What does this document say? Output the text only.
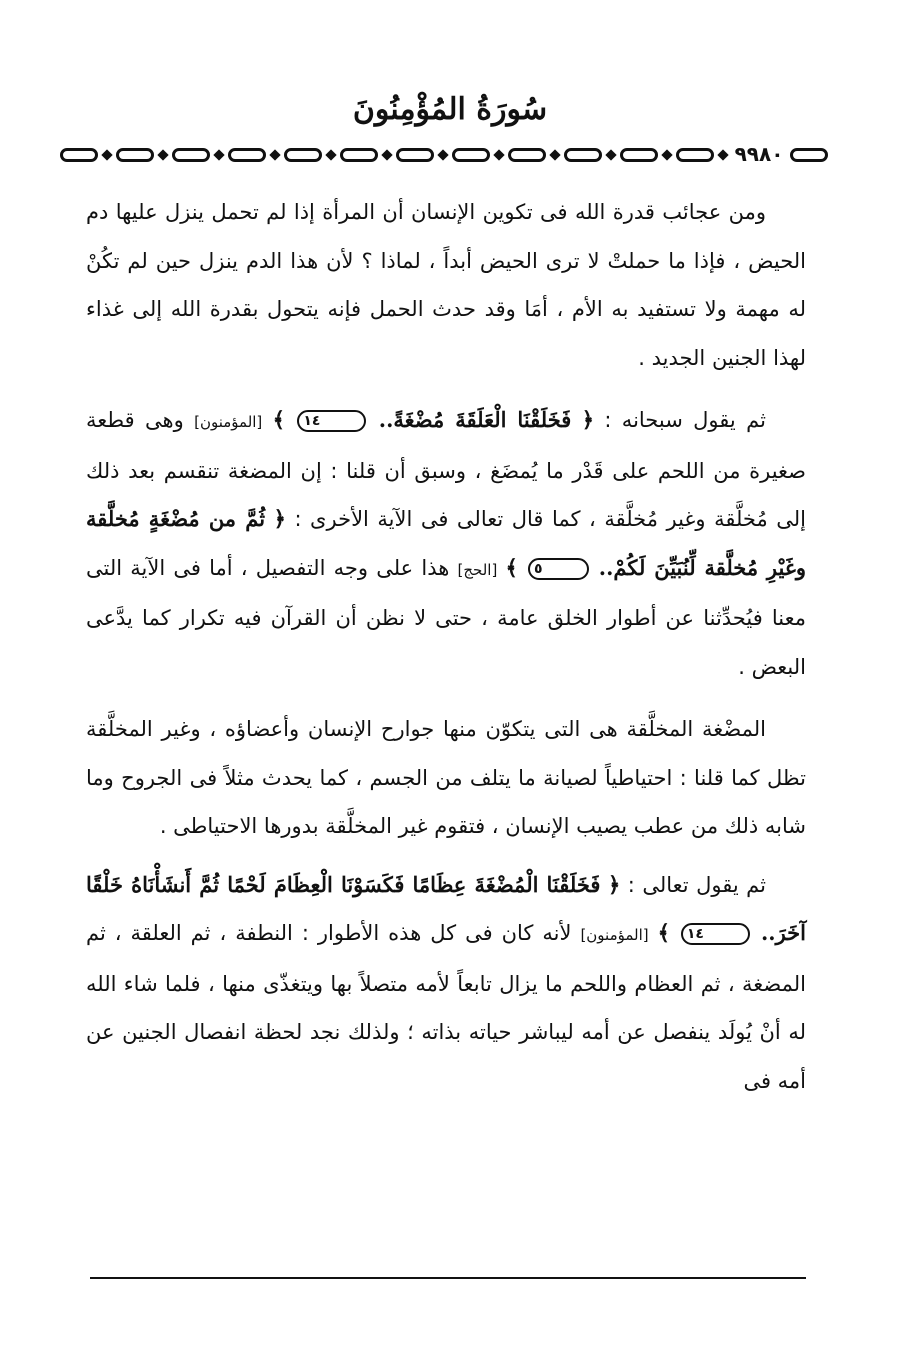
سُورَةُ المُؤْمِنُونَ
٩٩٨٠

ومن عجائب قدرة الله فى تكوين الإنسان أن المرأة إذا لم تحمل ينزل عليها دم الحيض ، فإذا ما حملتْ لا ترى الحيض أبداً ، لماذا ؟ لأن هذا الدم ينزل حين لم تكُنْ له مهمة ولا تستفيد به الأم ، أمَا وقد حدث الحمل فإنه يتحول بقدرة الله إلى غذاء لهذا الجنين الجديد .

ثم يقول سبحانه : ﴿ فَخَلَقْنَا الْعَلَقَةَ مُضْغَةً.. ١٤ ﴾ [المؤمنون] وهى قطعة صغيرة من اللحم على قَدْر ما يُمضَغ ، وسبق أن قلنا : إن المضغة تنقسم بعد ذلك إلى مُخلَّقة وغير مُخلَّقة ، كما قال تعالى فى الآية الأخرى : ﴿ ثُمَّ من مُضْغَةٍ مُخلَّقة وغَيْرِ مُخلَّقة لِّنُبَيِّنَ لَكُمْ.. ٥ ﴾ [الحج] هذا على وجه التفصيل ، أما فى الآية التى معنا فيُحدِّثنا عن أطوار الخلق عامة ، حتى لا نظن أن القرآن فيه تكرار كما يدَّعى البعض .

المضْغة المخلَّقة هى التى يتكوّن منها جوارح الإنسان وأعضاؤه ، وغير المخلَّقة تظل كما قلنا : احتياطياً لصيانة ما يتلف من الجسم ، كما يحدث مثلاً فى الجروح وما شابه ذلك من عطب يصيب الإنسان ، فتقوم غير المخلَّقة بدورها الاحتياطى .

ثم يقول تعالى : ﴿ فَخَلَقْنَا الْمُضْغَةَ عِظَامًا فَكَسَوْنَا الْعِظَامَ لَحْمًا ثُمَّ أَنشَأْنَاهُ خَلْقًا آخَرَ.. ١٤ ﴾ [المؤمنون] لأنه كان فى كل هذه الأطوار : النطفة ، ثم العلقة ، ثم المضغة ، ثم العظام واللحم ما يزال تابعاً لأمه متصلاً بها ويتغذّى منها ، فلما شاء الله له أنْ يُولَد ينفصل عن أمه ليباشر حياته بذاته ؛ ولذلك نجد لحظة انفصال الجنين عن أمه فى
